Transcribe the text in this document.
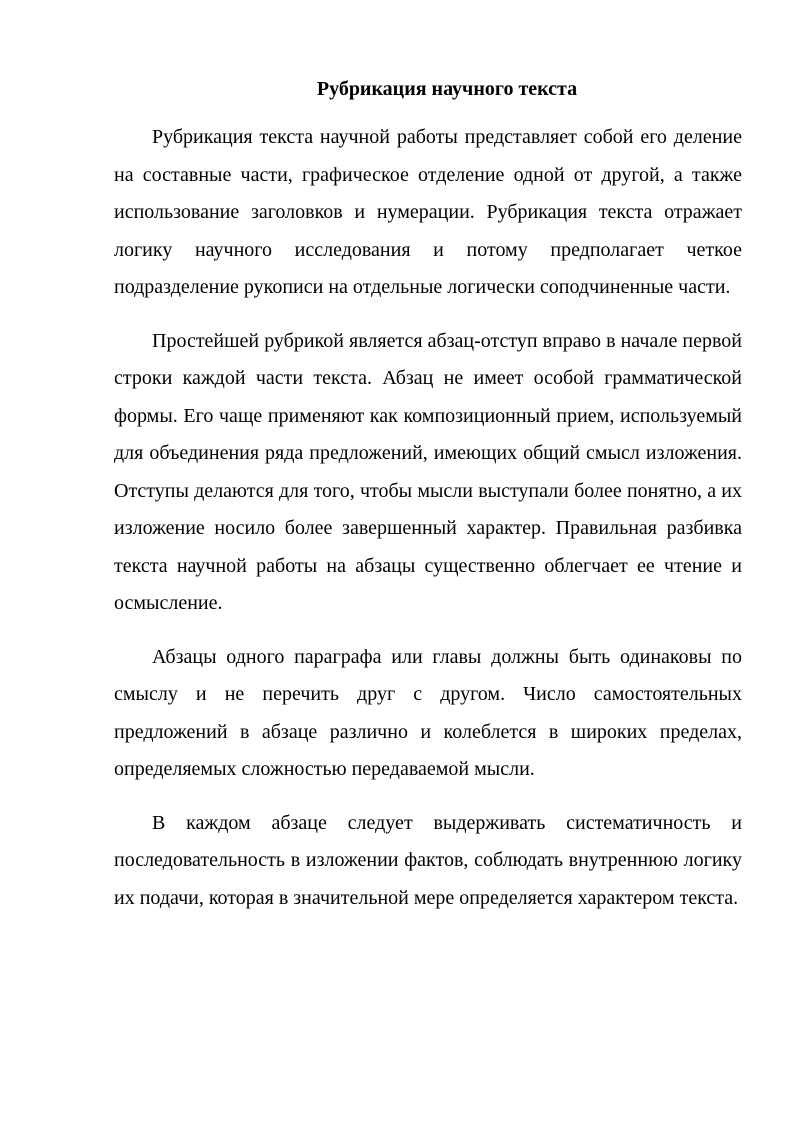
Рубрикация научного текста

Рубрикация текста научной работы представляет собой его деление на составные части, графическое отделение одной от другой, а также использование заголовков и нумерации. Рубрикация текста отражает логику научного исследования и потому предполагает четкое подразделение рукописи на отдельные логически соподчиненные части.

Простейшей рубрикой является абзац-отступ вправо в начале первой строки каждой части текста. Абзац не имеет особой грамматической формы. Его чаще применяют как композиционный прием, используемый для объединения ряда предложений, имеющих общий смысл изложения. Отступы делаются для того, чтобы мысли выступали более понятно, а их изложение носило более завершенный характер. Правильная разбивка текста научной работы на абзацы существенно облегчает ее чтение и осмысление.

Абзацы одного параграфа или главы должны быть одинаковы по смыслу и не перечить друг с другом. Число самостоятельных предложений в абзаце различно и колеблется в широких пределах, определяемых сложностью передаваемой мысли.

В каждом абзаце следует выдерживать систематичность и последовательность в изложении фактов, соблюдать внутреннюю логику их подачи, которая в значительной мере определяется характером текста.
